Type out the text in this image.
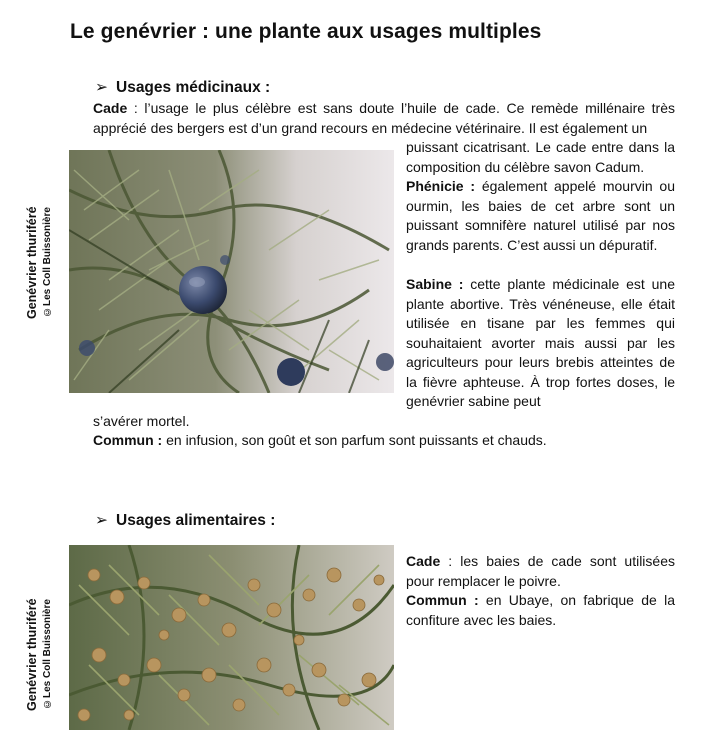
Le genévrier : une plante aux usages multiples
➢ Usages médicinaux :
Cade : l’usage le plus célèbre est sans doute l’huile de cade. Ce remède millénaire très apprécié des bergers est d’un grand recours en médecine vétérinaire. Il est également un
puissant cicatrisant. Le cade entre dans la composition du célèbre savon Cadum.
Phénicie : également appelé mourvin ou ourmin, les baies de cet arbre sont un puissant somnifère naturel utilisé par nos grands parents. C’est aussi un dépuratif.
Sabine : cette plante médicinale est une plante abortive. Très vénéneuse, elle était utilisée en tisane par les femmes qui souhaitaient avorter mais aussi par les agriculteurs pour leurs brebis atteintes de la fièvre aphteuse. À trop fortes doses, le genévrier sabine peut
s’avérer mortel.
Commun : en infusion, son goût et son parfum sont puissants et chauds.
Genévrier thuriféré ©Les Coll Buissonière
➢ Usages alimentaires :
Cade : les baies de cade sont utilisées pour remplacer le poivre.
Commun : en Ubaye, on fabrique de la confiture avec les baies.
Genévrier thuriféré ©Les Coll Buissonière
